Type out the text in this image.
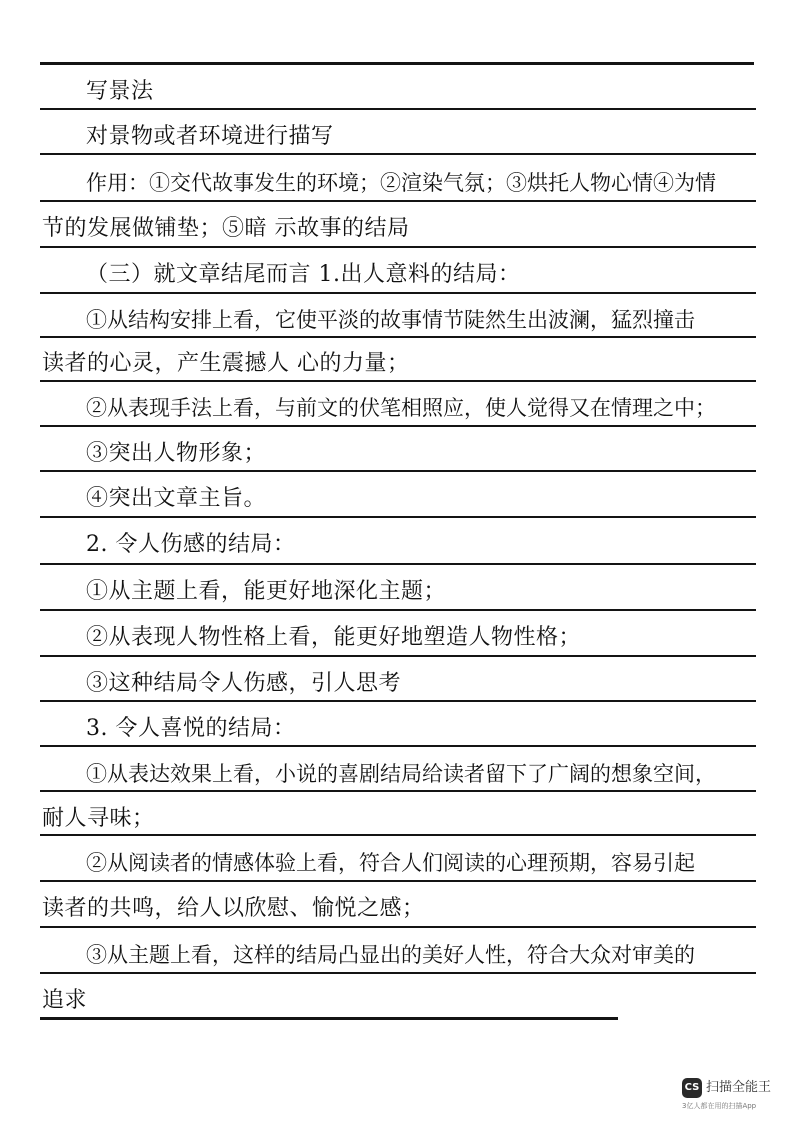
写景法
对景物或者环境进行描写
作用：①交代故事发生的环境；②渲染气氛；③烘托人物心情④为情
节的发展做铺垫；⑤暗 示故事的结局
（三）就文章结尾而言 1.出人意料的结局：
①从结构安排上看，它使平淡的故事情节陡然生出波澜，猛烈撞击
读者的心灵，产生震撼人 心的力量；
②从表现手法上看，与前文的伏笔相照应，使人觉得又在情理之中；
③突出人物形象；
④突出文章主旨。
2. 令人伤感的结局：
①从主题上看，能更好地深化主题；
②从表现人物性格上看，能更好地塑造人物性格；
③这种结局令人伤感，引人思考
3. 令人喜悦的结局：
①从表达效果上看，小说的喜剧结局给读者留下了广阔的想象空间，
耐人寻味；
②从阅读者的情感体验上看，符合人们阅读的心理预期，容易引起
读者的共鸣，给人以欣慰、愉悦之感；
③从主题上看，这样的结局凸显出的美好人性，符合大众对审美的
追求
CS 扫描全能王
3亿人都在用的扫描App
